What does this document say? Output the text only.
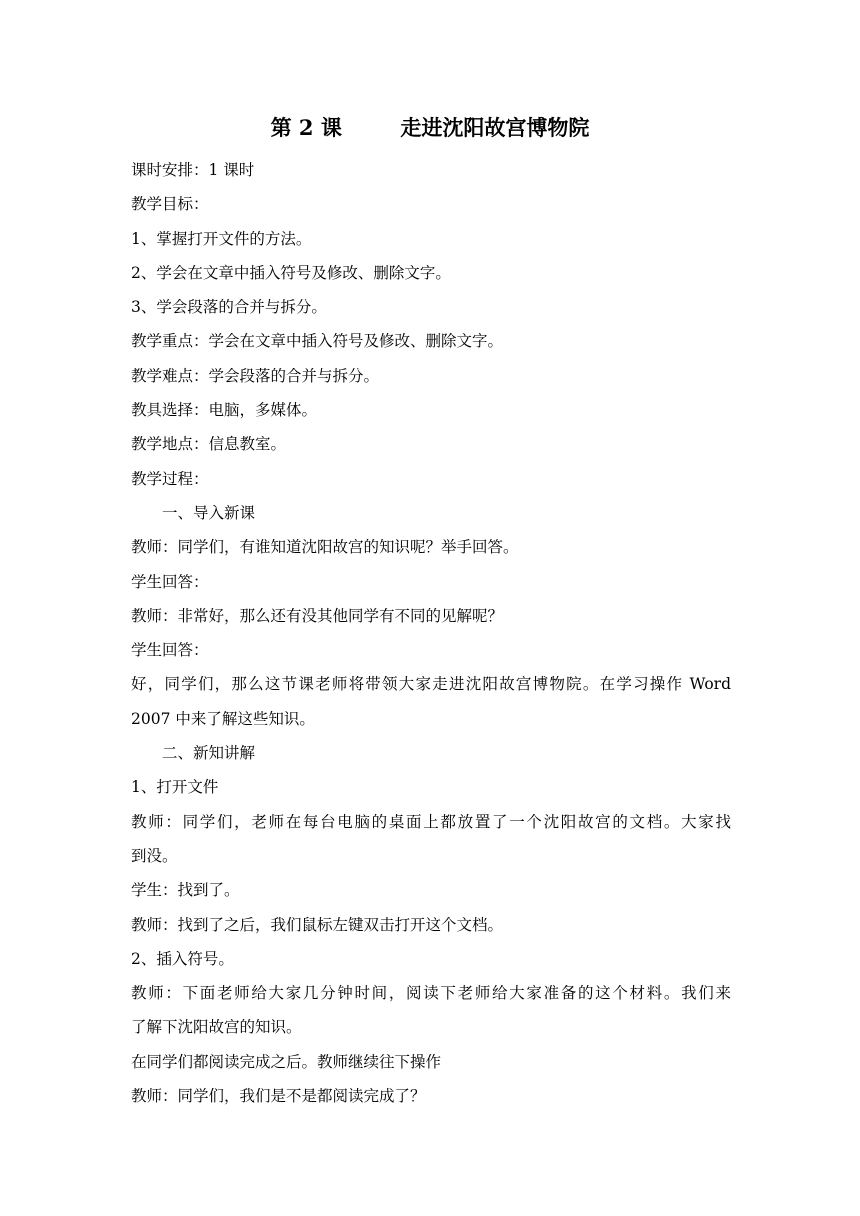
第 2 课        走进沈阳故宫博物院

课时安排：1 课时

教学目标：

1、掌握打开文件的方法。

2、学会在文章中插入符号及修改、删除文字。

3、学会段落的合并与拆分。

教学重点：学会在文章中插入符号及修改、删除文字。

教学难点：学会段落的合并与拆分。

教具选择：电脑，多媒体。

教学地点：信息教室。

教学过程：

一、导入新课

教师：同学们，有谁知道沈阳故宫的知识呢？举手回答。

学生回答：

教师：非常好，那么还有没其他同学有不同的见解呢？

学生回答：

好，同学们，那么这节课老师将带领大家走进沈阳故宫博物院。在学习操作 Word

2007 中来了解这些知识。

二、新知讲解

1、打开文件

教师：同学们，老师在每台电脑的桌面上都放置了一个沈阳故宫的文档。大家找

到没。

学生：找到了。

教师：找到了之后，我们鼠标左键双击打开这个文档。

2、插入符号。

教师：下面老师给大家几分钟时间，阅读下老师给大家准备的这个材料。我们来

了解下沈阳故宫的知识。

在同学们都阅读完成之后。教师继续往下操作

教师：同学们，我们是不是都阅读完成了？
